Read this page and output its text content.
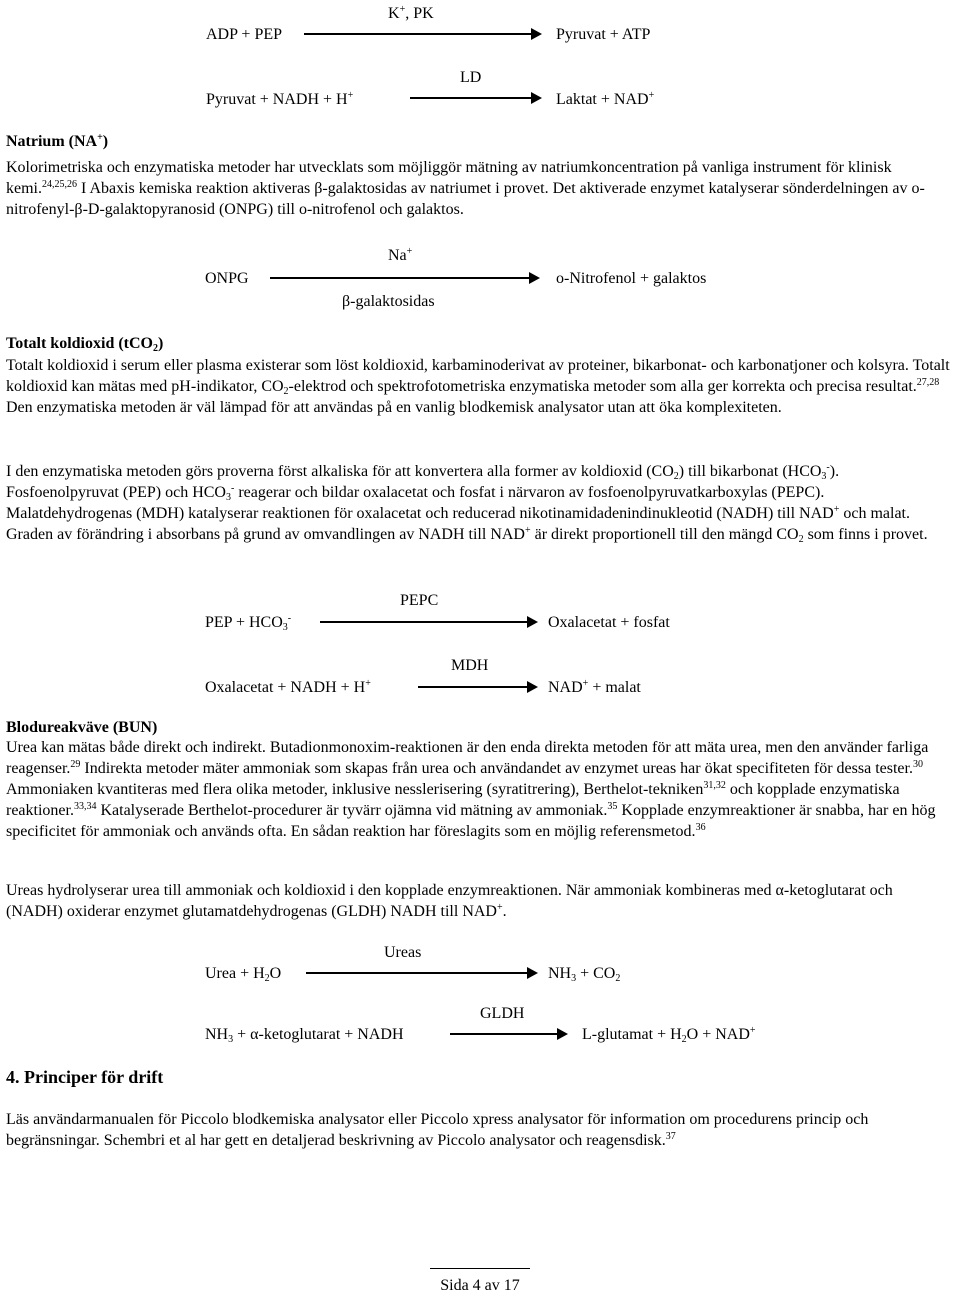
K+, PK
ADP + PEP	Pyruvat + ATP
LD
Pyruvat + NADH + H+	Laktat + NAD+
Natrium (NA+)
Kolorimetriska och enzymatiska metoder har utvecklats som möjliggör mätning av natriumkoncentration på vanliga instrument för klinisk kemi.$^{24,25,26}$ I Abaxis kemiska reaktion aktiveras β-galaktosidas av natriumet i provet. Det aktiverade enzymet katalyserar sönderdelningen av ο-nitrofenyl-β-D-galaktopyranosid (ONPG) till ο-nitrofenol och galaktos.
Na+
ONPG	ο-Nitrofenol + galaktos
β-galaktosidas
Totalt koldioxid (tCO$_2$)
Totalt koldioxid i serum eller plasma existerar som löst koldioxid, karbaminoderivat av proteiner, bikarbonat- och karbonatjoner och kolsyra. Totalt koldioxid kan mätas med pH-indikator, $CO_2$-elektrod och spektrofotometriska enzymatiska metoder som alla ger korrekta och precisa resultat.$^{27,28}$ Den enzymatiska metoden är väl lämpad för att användas på en vanlig blodkemisk analysator utan att öka komplexiteten.
I den enzymatiska metoden görs proverna först alkaliska för att konvertera alla former av koldioxid $(CO_2)$ till bikarbonat $(HCO_3^-)$. Fosfoenolpyruvat (PEP) och $HCO_3^-$ reagerar och bildar oxalacetat och fosfat i närvaron av fosfoenolpyruvatkarboxylas (PEPC). Malatdehydrogenas (MDH) katalyserar reaktionen för oxalacetat och reducerad nikotinamidadenindinukleotid (NADH) till NAD+ och malat. Graden av förändring i absorbans på grund av omvandlingen av NADH till NAD+ är direkt proportionell till den mängd $CO_2$ som finns i provet.
PEPC
PEP + $HCO_3^-$	Oxalacetat + fosfat
MDH
Oxalacetat + NADH + H+	NAD+ + malat
Blodureakväve (BUN)
Urea kan mätas både direkt och indirekt. Butadionmonoxim-reaktionen är den enda direkta metoden för att mäta urea, men den använder farliga reagenser.$^{29}$ Indirekta metoder mäter ammoniak som skapas från urea och användandet av enzymet ureas har ökat specifiteten för dessa tester.$^{30}$ Ammoniaken kvantiteras med flera olika metoder, inklusive nesslerisering (syratitrering), Berthelot-tekniken$^{31,32}$ och kopplade enzymatiska reaktioner.$^{33,34}$ Katalyserade Berthelot-procedurer är tyvärr ojämna vid mätning av ammoniak.$^{35}$ Kopplade enzymreaktioner är snabba, har en hög specificitet för ammoniak och används ofta. En sådan reaktion har föreslagits som en möjlig referensmetod.$^{36}$
Ureas hydrolyserar urea till ammoniak och koldioxid i den kopplade enzymreaktionen. När ammoniak kombineras med α-ketoglutarat och (NADH) oxiderar enzymet glutamatdehydrogenas (GLDH) NADH till NAD+.
Ureas
Urea + $H_2O$	$NH_3 + CO_2$
GLDH
$NH_3$ + α-ketoglutarat + NADH	L-glutamat + $H_2O + NAD^+$
4. Principer för drift
Läs användarmanualen för Piccolo blodkemiska analysator eller Piccolo xpress analysator för information om procedurens princip och begränsningar. Schembri et al har gett en detaljerad beskrivning av Piccolo analysator och reagensdisk.$^{37}$
Sida 4 av 17
